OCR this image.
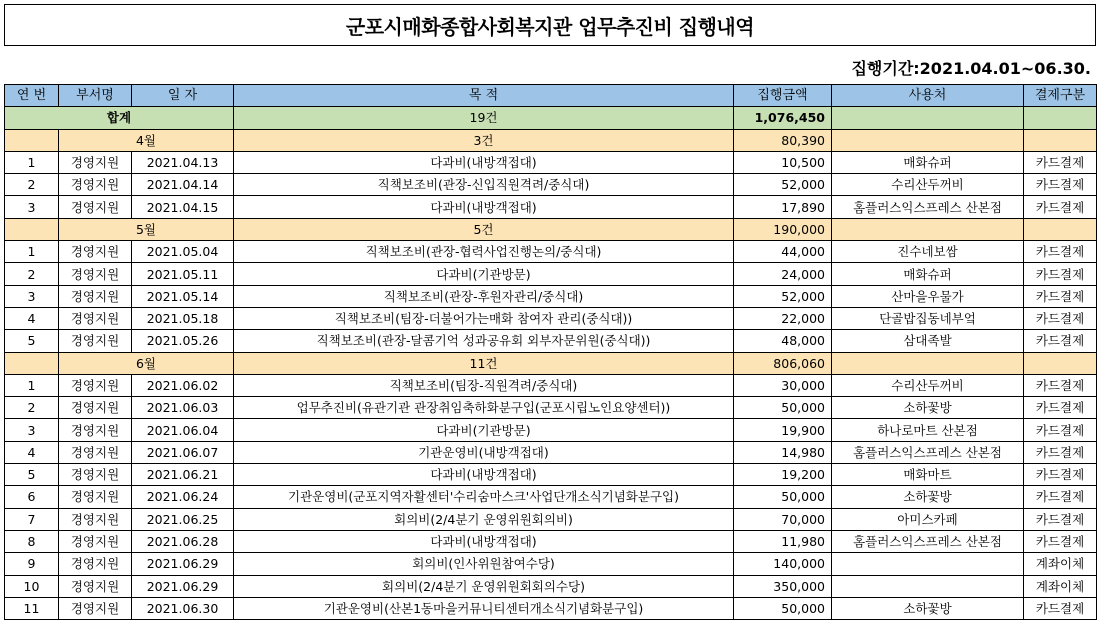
군포시매화종합사회복지관 업무추진비 집행내역
집행기간:2021.04.01~06.30.
연 번	부서명	일 자	목 적	집행금액	사용처	결제구분
합계			19건	1,076,450		
	4월		3건	80,390		
1	경영지원	2021.04.13	다과비(내방객접대)	10,500	매화슈퍼	카드결제
2	경영지원	2021.04.14	직책보조비(관장-신입직원격려/중식대)	52,000	수리산두꺼비	카드결제
3	경영지원	2021.04.15	다과비(내방객접대)	17,890	홈플러스익스프레스 산본점	카드결제
	5월		5건	190,000		
1	경영지원	2021.05.04	직책보조비(관장-협력사업진행논의/중식대)	44,000	진수네보쌈	카드결제
2	경영지원	2021.05.11	다과비(기관방문)	24,000	매화슈퍼	카드결제
3	경영지원	2021.05.14	직책보조비(관장-후원자관리/중식대)	52,000	산마을우물가	카드결제
4	경영지원	2021.05.18	직책보조비(팀장-더불어가는매화 참여자 관리(중식대))	22,000	단골밥집동네부엌	카드결제
5	경영지원	2021.05.26	직책보조비(관장-달콤기억 성과공유회 외부자문위원(중식대))	48,000	삼대족발	카드결제
	6월		11건	806,060		
1	경영지원	2021.06.02	직책보조비(팀장-직원격려/중식대)	30,000	수리산두꺼비	카드결제
2	경영지원	2021.06.03	업무추진비(유관기관 관장취임축하화분구입(군포시립노인요양센터))	50,000	소하꽃방	카드결제
3	경영지원	2021.06.04	다과비(기관방문)	19,900	하나로마트 산본점	카드결제
4	경영지원	2021.06.07	기관운영비(내방객접대)	14,980	홈플러스익스프레스 산본점	카드결제
5	경영지원	2021.06.21	다과비(내방객접대)	19,200	매화마트	카드결제
6	경영지원	2021.06.24	기관운영비(군포지역자활센터'수리숨마스크'사업단개소식기념화분구입)	50,000	소하꽃방	카드결제
7	경영지원	2021.06.25	회의비(2/4분기 운영위원회의비)	70,000	아미스카페	카드결제
8	경영지원	2021.06.28	다과비(내방객접대)	11,980	홈플러스익스프레스 산본점	카드결제
9	경영지원	2021.06.29	회의비(인사위원참여수당)	140,000		계좌이체
10	경영지원	2021.06.29	회의비(2/4분기 운영위원회회의수당)	350,000		계좌이체
11	경영지원	2021.06.30	기관운영비(산본1동마을커뮤니티센터개소식기념화분구입)	50,000	소하꽃방	카드결제
